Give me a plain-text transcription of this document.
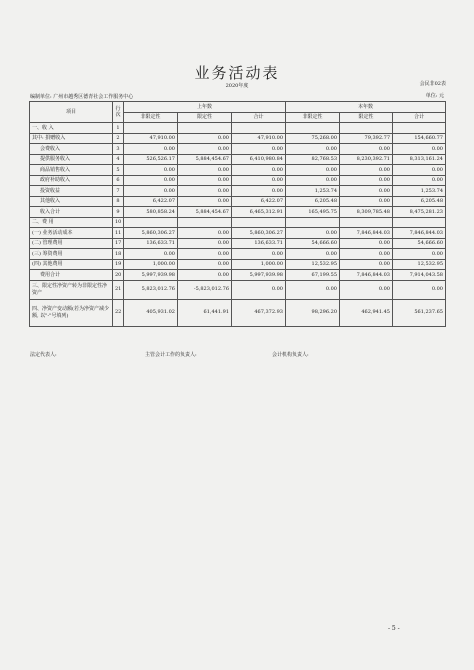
业务活动表
2020年度	会民非02表
编制单位: 广州市越秀区德青社会工作服务中心	单位: 元
项目	行次	上年数			本年数		
		非限定性	限定性	合计	非限定性	限定性	合计
一、收 入	1						
其中: 捐赠收入	2	47,910.00	0.00	47,910.00	75,268.00	79,392.77	154,660.77
会费收入	3	0.00	0.00	0.00	0.00	0.00	0.00
提供服务收入	4	526,526.17	5,884,454.67	6,410,980.84	82,768.53	8,230,392.71	8,313,161.24
商品销售收入	5	0.00	0.00	0.00	0.00	0.00	0.00
政府补助收入	6	0.00	0.00	0.00	0.00	0.00	0.00
投资收益	7	0.00	0.00	0.00	1,253.74	0.00	1,253.74
其他收入	8	6,422.07	0.00	6,422.07	6,205.48	0.00	6,205.48
收入合计	9	580,858.24	5,884,454.67	6,465,312.91	165,495.75	8,309,785.48	8,475,281.23
二、费 用	10						
(一) 业务活动成本	11	5,860,306.27	0.00	5,860,306.27	0.00	7,846,844.03	7,846,844.03
(二) 管理费用	17	136,633.71	0.00	136,633.71	54,666.60	0.00	54,666.60
(三) 筹资费用	18	0.00	0.00	0.00	0.00	0.00	0.00
(四) 其他费用	19	1,000.00	0.00	1,000.00	12,532.95	0.00	12,532.95
费用合计	20	5,997,939.98	0.00	5,997,939.98	67,199.55	7,846,844.03	7,914,043.58
三、限定性净资产转为非限定性净资产	21	5,823,012.76	-5,823,012.76	0.00	0.00	0.00	0.00
四、净资产变动额(若为净资产减少额, 以"-"号填列)	22	405,931.02	61,441.91	467,372.93	98,296.20	462,941.45	561,237.65
法定代表人:	主管会计工作的负责人:	会计机构负责人:
- 5 -
